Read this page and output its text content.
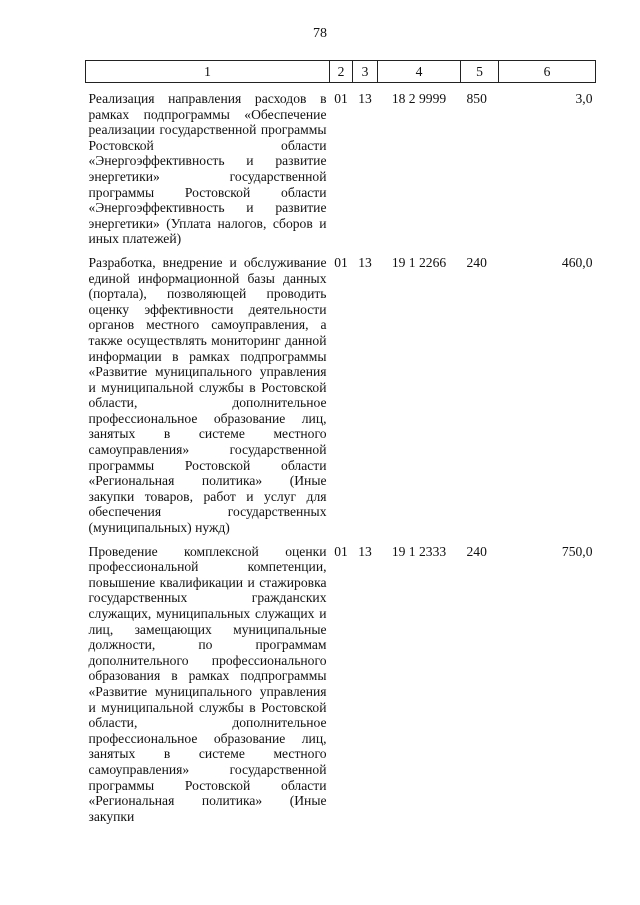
78
1	2	3	4	5	6
Реализация направления расходов в рамках подпрограммы «Обеспечение реализации государственной программы Ростовской области «Энергоэффективность и развитие энергетики» государственной программы Ростовской области «Энергоэффективность и развитие энергетики» (Уплата налогов, сборов и иных платежей)	01	13	18 2 9999	850	3,0
Разработка, внедрение и обслуживание единой информационной базы данных (портала), позволяющей проводить оценку эффективности деятельности органов местного самоуправления, а также осуществлять мониторинг данной информации в рамках подпрограммы «Развитие муниципального управления и муниципальной службы в Ростовской области, дополнительное профессиональное образование лиц, занятых в системе местного самоуправления» государственной программы Ростовской области «Региональная политика» (Иные закупки товаров, работ и услуг для обеспечения государственных (муниципальных) нужд)	01	13	19 1 2266	240	460,0
Проведение комплексной оценки профессиональной компетенции, повышение квалификации и стажировка государственных гражданских служащих, муниципальных служащих и лиц, замещающих муниципальные должности, по программам дополнительного профессионального образования в рамках подпрограммы «Развитие муниципального управления и муниципальной службы в Ростовской области, дополнительное профессиональное образование лиц, занятых в системе местного самоуправления» государственной программы Ростовской области «Региональная политика» (Иные закупки	01	13	19 1 2333	240	750,0
